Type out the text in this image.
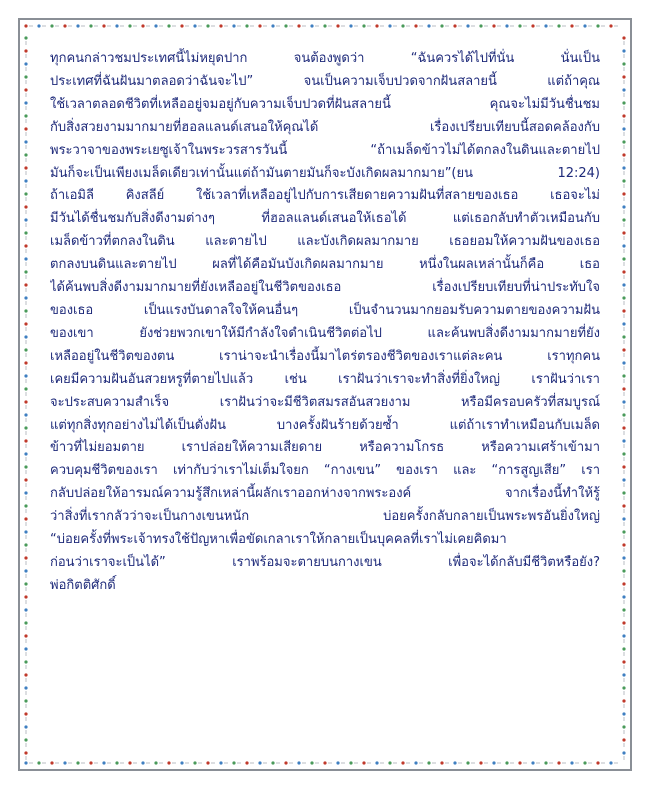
ทุกคนกล่าวชมประเทศนี้ไม่หยุดปาก จนต้องพูดว่า “ฉันควรได้ไปที่นั่น นั่นเป็น
ประเทศที่ฉันฝันมาตลอดว่าฉันจะไป” จนเป็นความเจ็บปวดจากฝันสลายนี้ แต่ถ้าคุณ
ใช้เวลาตลอดชีวิตที่เหลืออยู่จมอยู่กับความเจ็บปวดที่ฝันสลายนี้ คุณจะไม่มีวันชื่นชม
กับสิ่งสวยงามมากมายที่ฮอลแลนด์เสนอให้คุณได้ เรื่องเปรียบเทียบนี้สอดคล้องกับ
พระวาจาของพระเยซูเจ้าในพระวรสารวันนี้ “ถ้าเมล็ดข้าวไม่ได้ตกลงในดินและตายไป
มันก็จะเป็นเพียงเมล็ดเดียวเท่านั้นแต่ถ้ามันตายมันก็จะบังเกิดผลมากมาย”(ยน 12:24)
ถ้าเอมิลี คิงสลีย์ ใช้เวลาที่เหลืออยู่ไปกับการเสียดายความฝันที่สลายของเธอ เธอจะไม่
มีวันได้ชื่นชมกับสิ่งดีงามต่างๆ ที่ฮอลแลนด์เสนอให้เธอได้ แต่เธอกลับทำตัวเหมือนกับ
เมล็ดข้าวที่ตกลงในดิน และตายไป และบังเกิดผลมากมาย เธอยอมให้ความฝันของเธอ
ตกลงบนดินและตายไป ผลที่ได้คือมันบังเกิดผลมากมาย หนึ่งในผลเหล่านั้นก็คือ เธอ
ได้ค้นพบสิ่งดีงามมากมายที่ยังเหลืออยู่ในชีวิตของเธอ เรื่องเปรียบเทียบที่น่าประทับใจ
ของเธอ เป็นแรงบันดาลใจให้คนอื่นๆ เป็นจำนวนมากยอมรับความตายของความฝัน
ของเขา ยังช่วยพวกเขาให้มีกำลังใจดำเนินชีวิตต่อไป และค้นพบสิ่งดีงามมากมายที่ยัง
เหลืออยู่ในชีวิตของตน เราน่าจะนำเรื่องนี้มาไตร่ตรองชีวิตของเราแต่ละคน เราทุกคน
เคยมีความฝันอันสวยหรูที่ตายไปแล้ว เช่น เราฝันว่าเราจะทำสิ่งที่ยิ่งใหญ่ เราฝันว่าเรา
จะประสบความสำเร็จ เราฝันว่าจะมีชีวิตสมรสอันสวยงาม หรือมีครอบครัวที่สมบูรณ์
แต่ทุกสิ่งทุกอย่างไม่ได้เป็นดั่งฝัน บางครั้งฝันร้ายด้วยซ้ำ แต่ถ้าเราทำเหมือนกับเมล็ด
ข้าวที่ไม่ยอมตาย เราปล่อยให้ความเสียดาย หรือความโกรธ หรือความเศร้าเข้ามา
ควบคุมชีวิตของเรา เท่ากับว่าเราไม่เต็มใจยก “กางเขน” ของเรา และ “การสูญเสีย” เรา
กลับปล่อยให้อารมณ์ความรู้สึกเหล่านี้ผลักเราออกห่างจากพระองค์ จากเรื่องนี้ทำให้รู้
ว่าสิ่งที่เรากลัวว่าจะเป็นกางเขนหนัก บ่อยครั้งกลับกลายเป็นพระพรอันยิ่งใหญ่
“บ่อยครั้งที่พระเจ้าทรงใช้ปัญหาเพื่อขัดเกลาเราให้กลายเป็นบุคคลที่เราไม่เคยคิดมา
ก่อนว่าเราจะเป็นได้” เราพร้อมจะตายบนกางเขน เพื่อจะได้กลับมีชีวิตหรือยัง?
พ่อกิตติศักดิ์
